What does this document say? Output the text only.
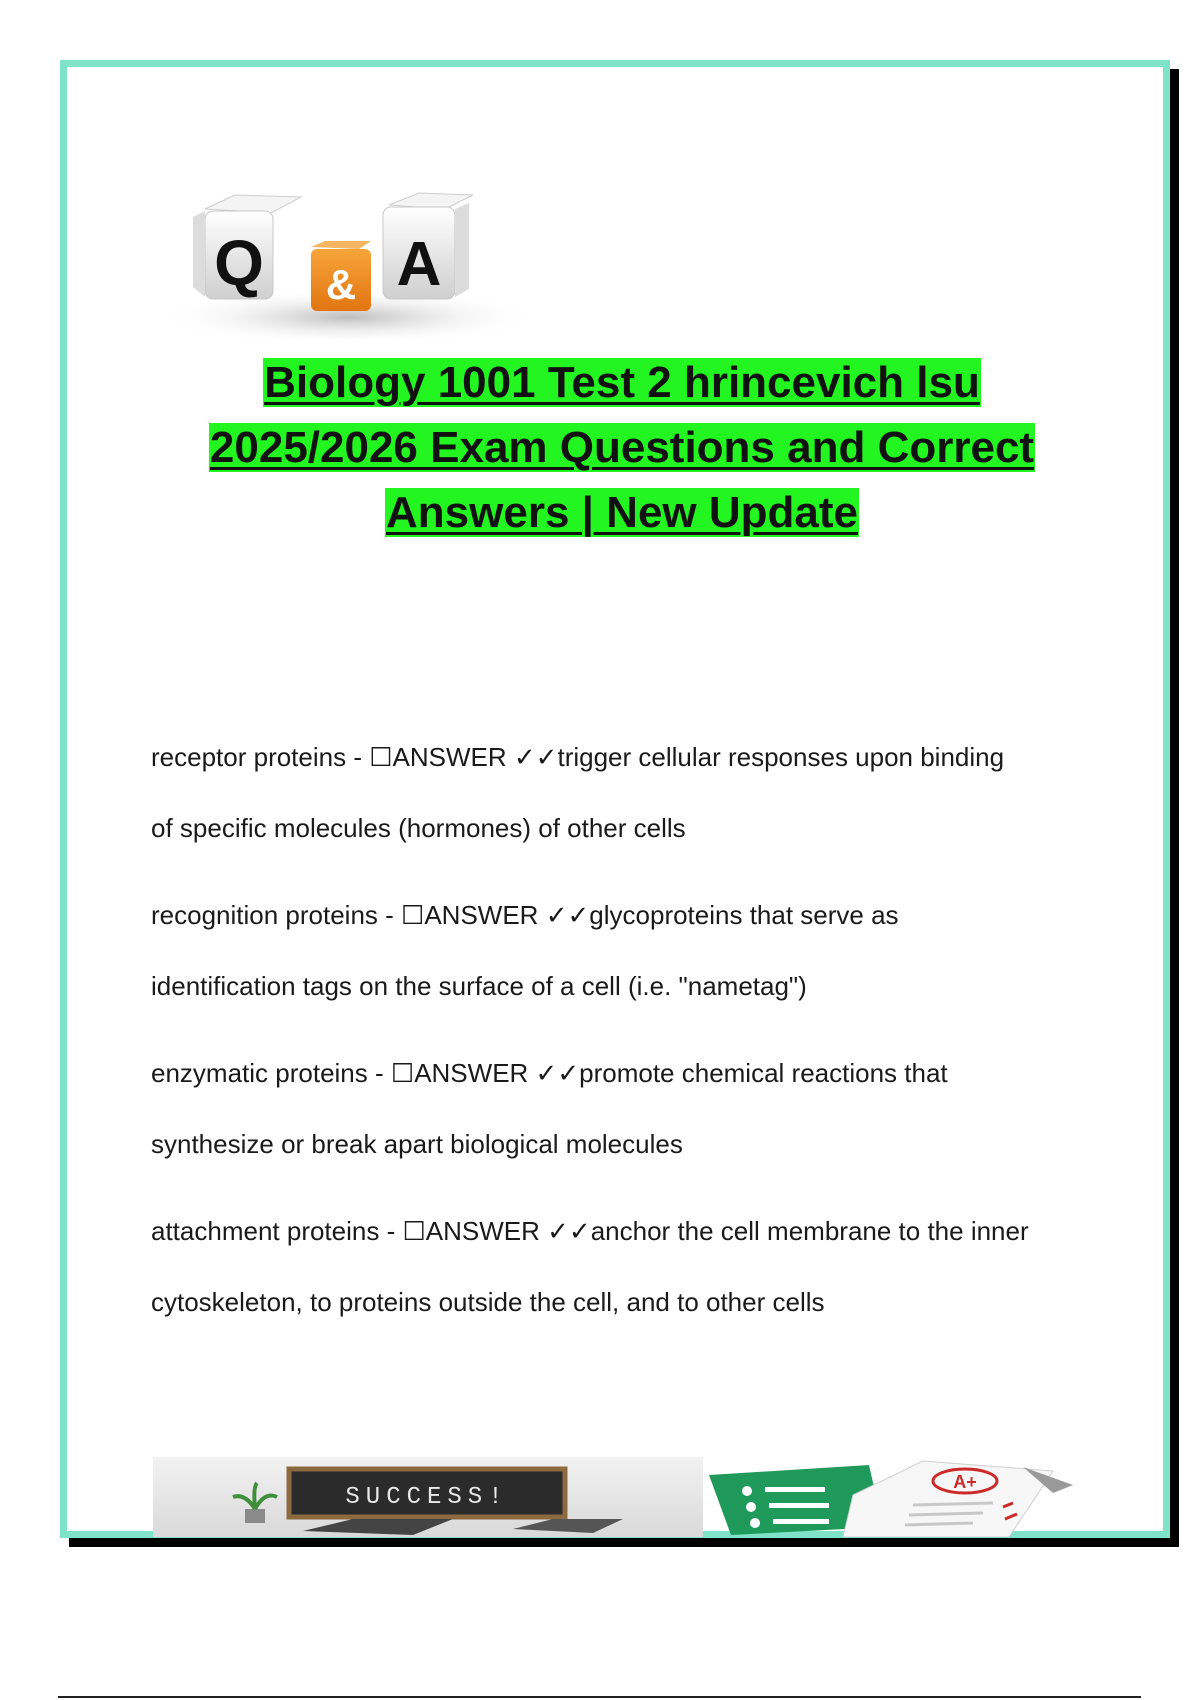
Q A
&
Biology 1001 Test 2 hrincevich lsu
2025/2026 Exam Questions and Correct
Answers | New Update
receptor proteins - ☐ANSWER ✓✓trigger cellular responses upon binding
of specific molecules (hormones) of other cells
recognition proteins - ☐ANSWER ✓✓glycoproteins that serve as
identification tags on the surface of a cell (i.e. "nametag")
enzymatic proteins - ☐ANSWER ✓✓promote chemical reactions that
synthesize or break apart biological molecules
attachment proteins - ☐ANSWER ✓✓anchor the cell membrane to the inner
cytoskeleton, to proteins outside the cell, and to other cells
SUCCESS!
A+
